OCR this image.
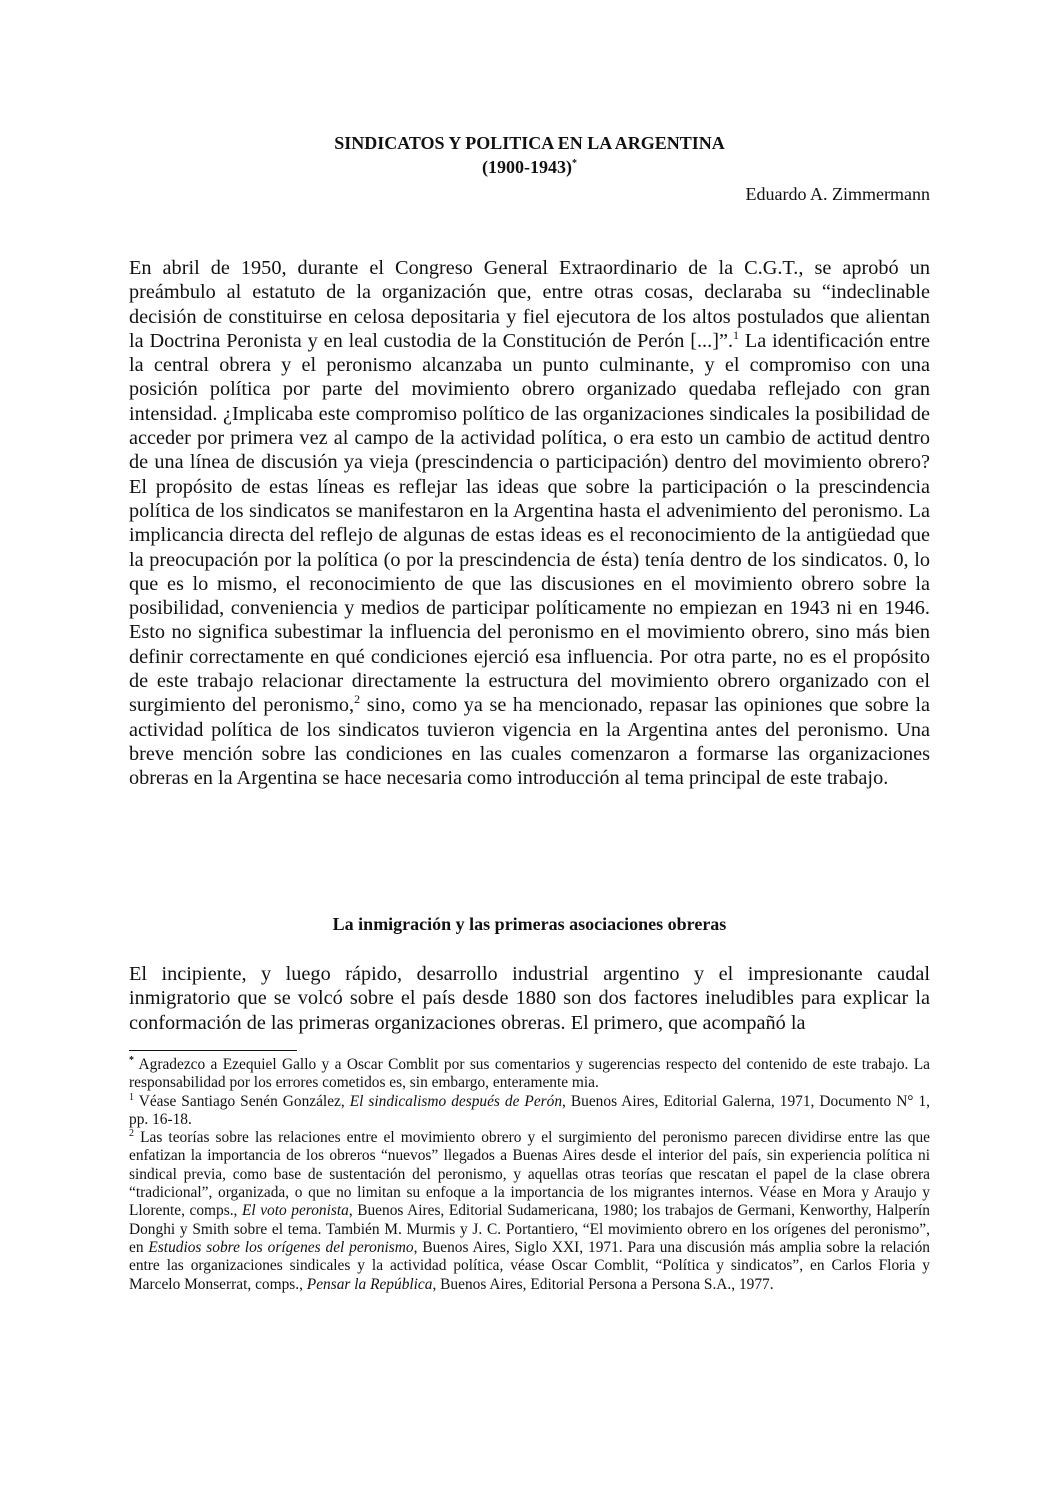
SINDICATOS Y POLITICA EN LA ARGENTINA
(1900-1943)*
Eduardo A. Zimmermann
En abril de 1950, durante el Congreso General Extraordinario de la C.G.T., se aprobó un preámbulo al estatuto de la organización que, entre otras cosas, declaraba su “indeclinable decisión de constituirse en celosa depositaria y fiel ejecutora de los altos postulados que alientan la Doctrina Peronista y en leal custodia de la Constitución de Perón [...]”.$^1$ La identificación entre la central obrera y el peronismo alcanzaba un punto culminante, y el compromiso con una posición política por parte del movimiento obrero organizado quedaba reflejado con gran intensidad. ¿Implicaba este compromiso político de las organizaciones sindicales la posibilidad de acceder por primera vez al campo de la actividad política, o era esto un cambio de actitud dentro de una línea de discusión ya vieja (prescindencia o participación) dentro del movimiento obrero? El propósito de estas líneas es reflejar las ideas que sobre la participación o la prescindencia política de los sindicatos se manifestaron en la Argentina hasta el advenimiento del peronismo. La implicancia directa del reflejo de algunas de estas ideas es el reconocimiento de la antigüedad que la preocupación por la política (o por la prescindencia de ésta) tenía dentro de los sindicatos. 0, lo que es lo mismo, el reconocimiento de que las discusiones en el movimiento obrero sobre la posibilidad, conveniencia y medios de participar políticamente no empiezan en 1943 ni en 1946. Esto no significa subestimar la influencia del peronismo en el movimiento obrero, sino más bien definir correctamente en qué condiciones ejerció esa influencia. Por otra parte, no es el propósito de este trabajo relacionar directamente la estructura del movimiento obrero organizado con el surgimiento del peronismo,$^2$ sino, como ya se ha mencionado, repasar las opiniones que sobre la actividad política de los sindicatos tuvieron vigencia en la Argentina antes del peronismo. Una breve mención sobre las condiciones en las cuales comenzaron a formarse las organizaciones obreras en la Argentina se hace necesaria como introducción al tema principal de este trabajo.
La inmigración y las primeras asociaciones obreras
El incipiente, y luego rápido, desarrollo industrial argentino y el impresionante caudal inmigratorio que se volcó sobre el país desde 1880 son dos factores ineludibles para explicar la conformación de las primeras organizaciones obreras. El primero, que acompañó la

* Agradezco a Ezequiel Gallo y a Oscar Comblit por sus comentarios y sugerencias respecto del contenido de este trabajo. La responsabilidad por los errores cometidos es, sin embargo, enteramente mia.

$^1$ Véase Santiago Senén González, El sindicalismo después de Perón, Buenos Aires, Editorial Galerna, 1971, Documento N° 1, pp. 16-18.

$^2$ Las teorías sobre las relaciones entre el movimiento obrero y el surgimiento del peronismo parecen dividirse entre las que enfatizan la importancia de los obreros “nuevos” llegados a Buenas Aires desde el interior del país, sin experiencia política ni sindical previa, como base de sustentación del peronismo, y aquellas otras teorías que rescatan el papel de la clase obrera “tradicional”, organizada, o que no limitan su enfoque a la importancia de los migrantes internos. Véase en Mora y Araujo y Llorente, comps., El voto peronista, Buenos Aires, Editorial Sudamericana, 1980; los trabajos de Germani, Kenworthy, Halperín Donghi y Smith sobre el tema. También M. Murmis y J. C. Portantiero, “El movimiento obrero en los orígenes del peronismo”, en Estudios sobre los orígenes del peronismo, Buenos Aires, Siglo XXI, 1971. Para una discusión más amplia sobre la relación entre las organizaciones sindicales y la actividad política, véase Oscar Comblit, “Política y sindicatos”, en Carlos Floria y Marcelo Monserrat, comps., Pensar la República, Buenos Aires, Editorial Persona a Persona S.A., 1977.
